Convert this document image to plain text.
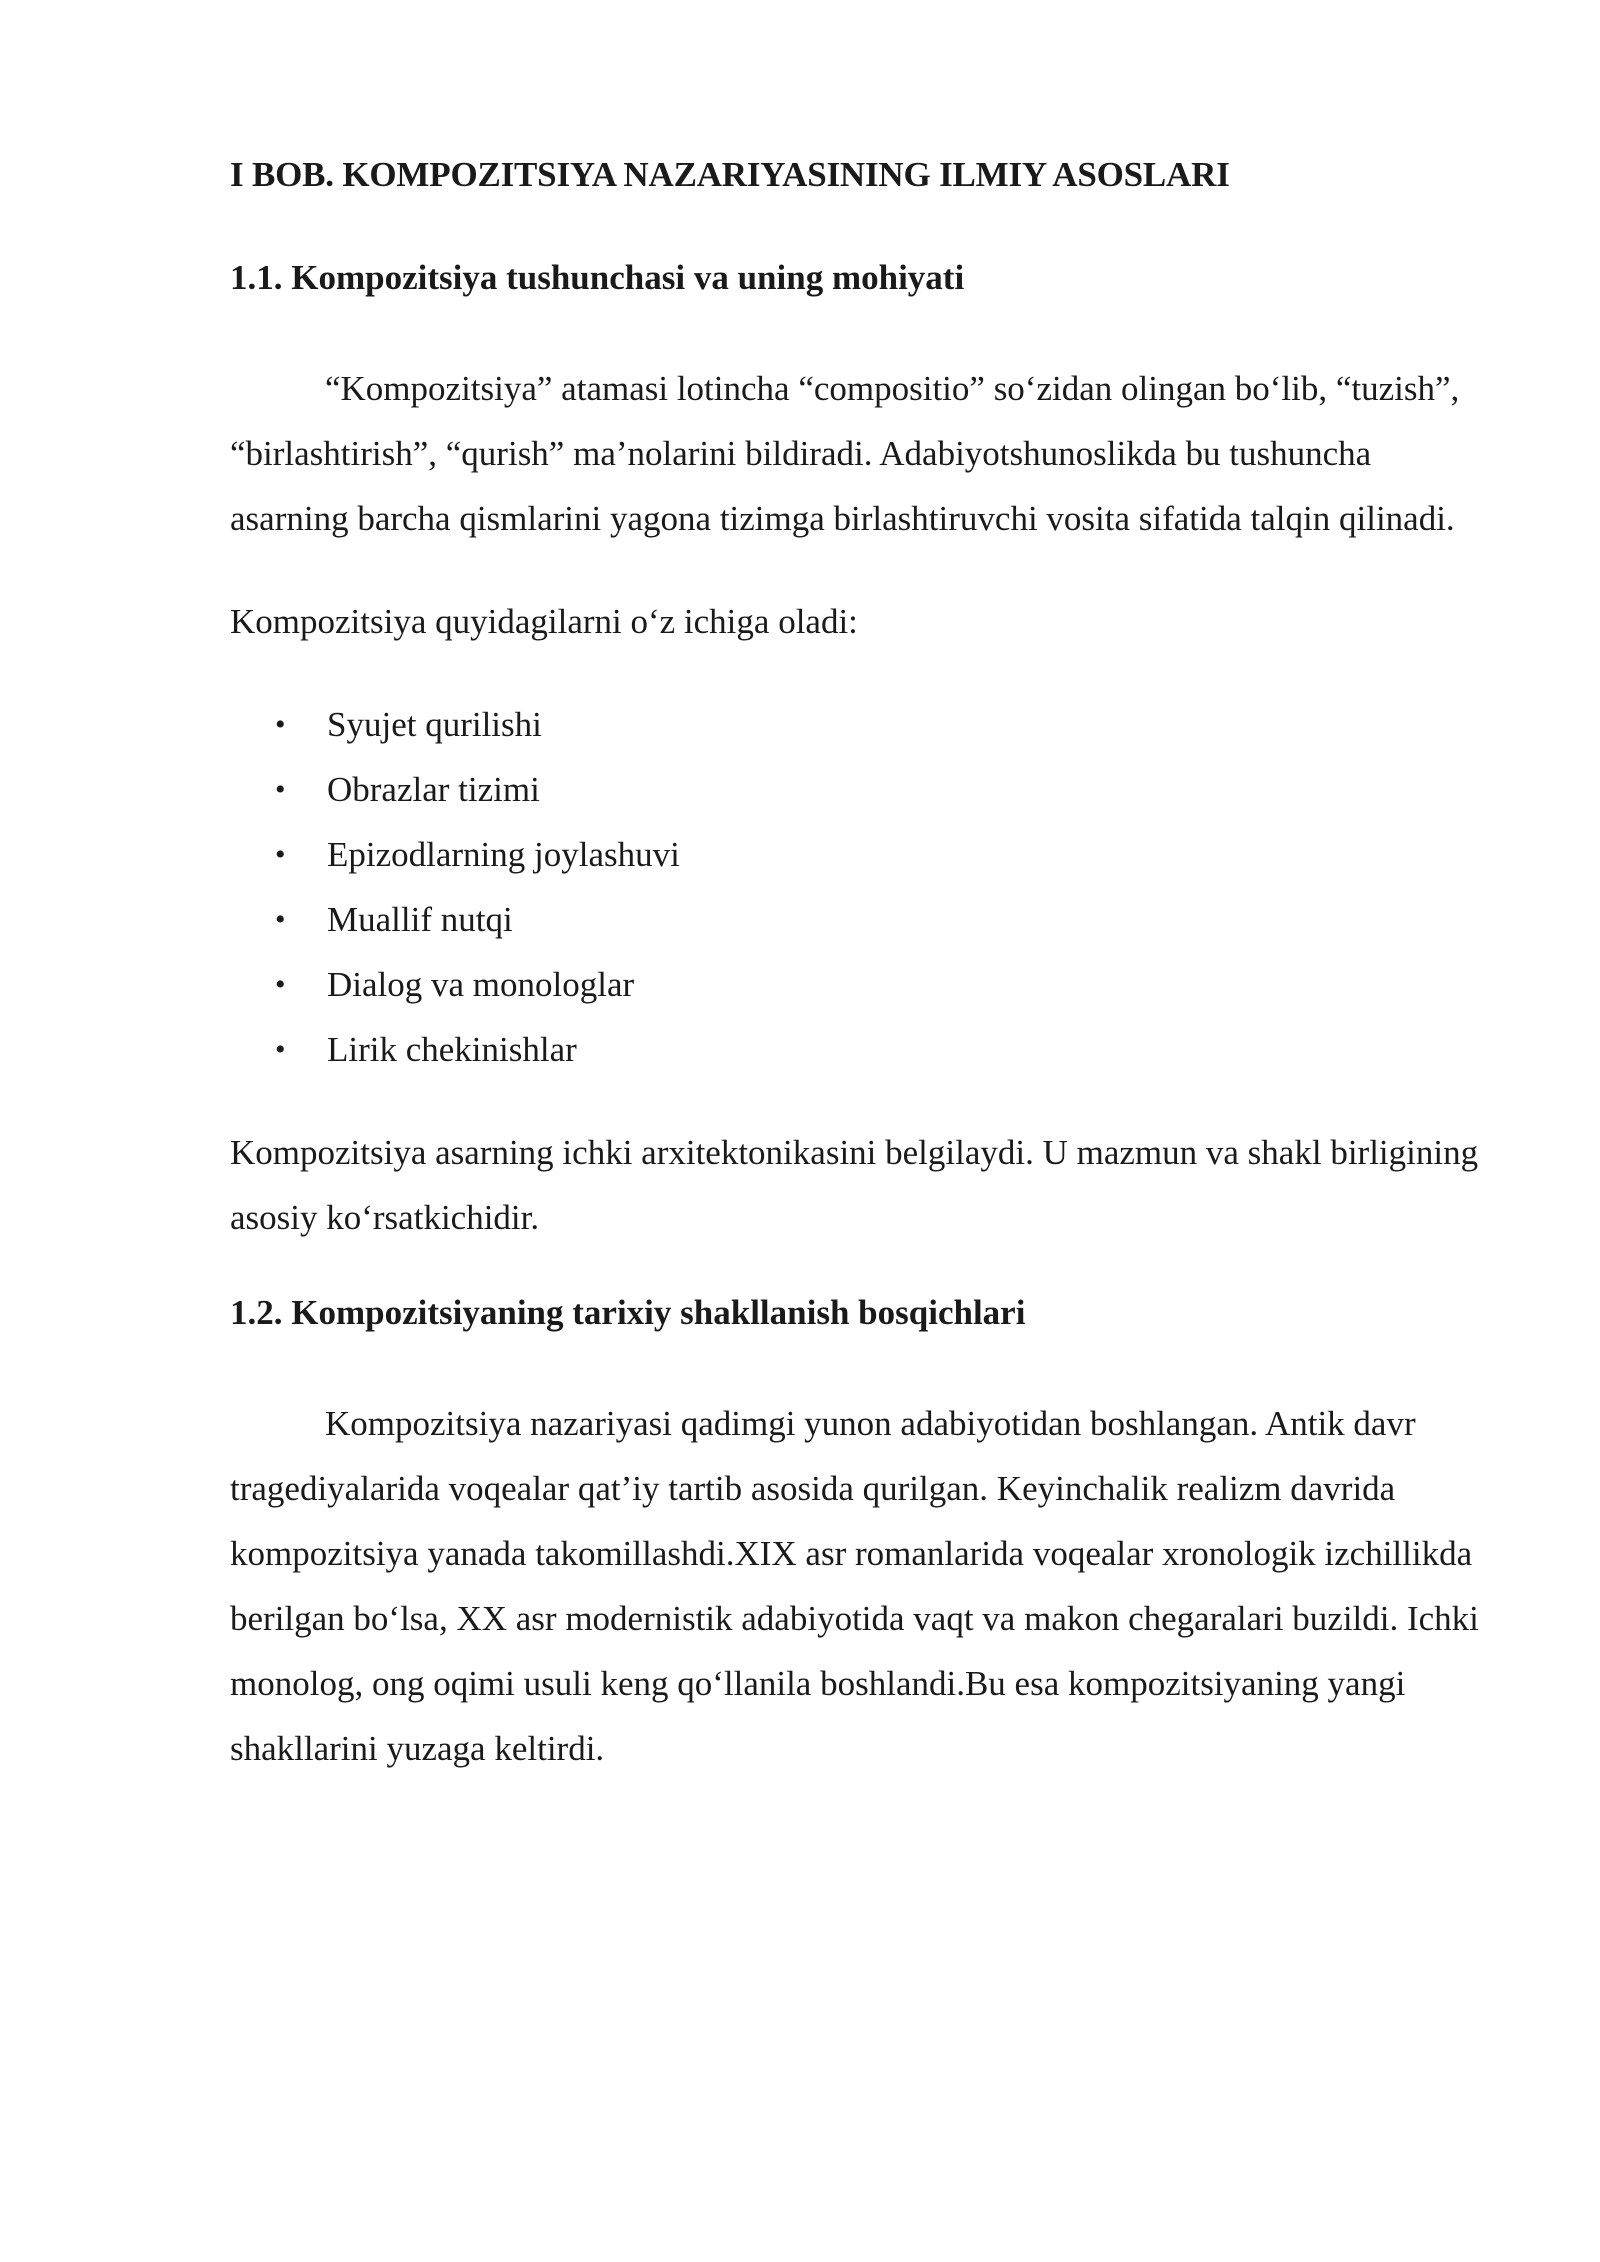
I BOB. KOMPOZITSIYA NAZARIYASINING ILMIY ASOSLARI
1.1. Kompozitsiya tushunchasi va uning mohiyati

“Kompozitsiya” atamasi lotincha “compositio” so‘zidan olingan bo‘lib, “tuzish”, “birlashtirish”, “qurish” ma’nolarini bildiradi. Adabiyotshunoslikda bu tushuncha asarning barcha qismlarini yagona tizimga birlashtiruvchi vosita sifatida talqin qilinadi.

Kompozitsiya quyidagilarni o‘z ichiga oladi:

• Syujet qurilishi
• Obrazlar tizimi
• Epizodlarning joylashuvi
• Muallif nutqi
• Dialog va monologlar
• Lirik chekinishlar

Kompozitsiya asarning ichki arxitektonikasini belgilaydi. U mazmun va shakl birligining asosiy ko‘rsatkichidir.

1.2. Kompozitsiyaning tarixiy shakllanish bosqichlari

Kompozitsiya nazariyasi qadimgi yunon adabiyotidan boshlangan. Antik davr tragediyalarida voqealar qat’iy tartib asosida qurilgan. Keyinchalik realizm davrida kompozitsiya yanada takomillashdi.XIX asr romanlarida voqealar xronologik izchillikda berilgan bo‘lsa, XX asr modernistik adabiyotida vaqt va makon chegaralari buzildi. Ichki monolog, ong oqimi usuli keng qo‘llanila boshlandi.Bu esa kompozitsiyaning yangi shakllarini yuzaga keltirdi.
